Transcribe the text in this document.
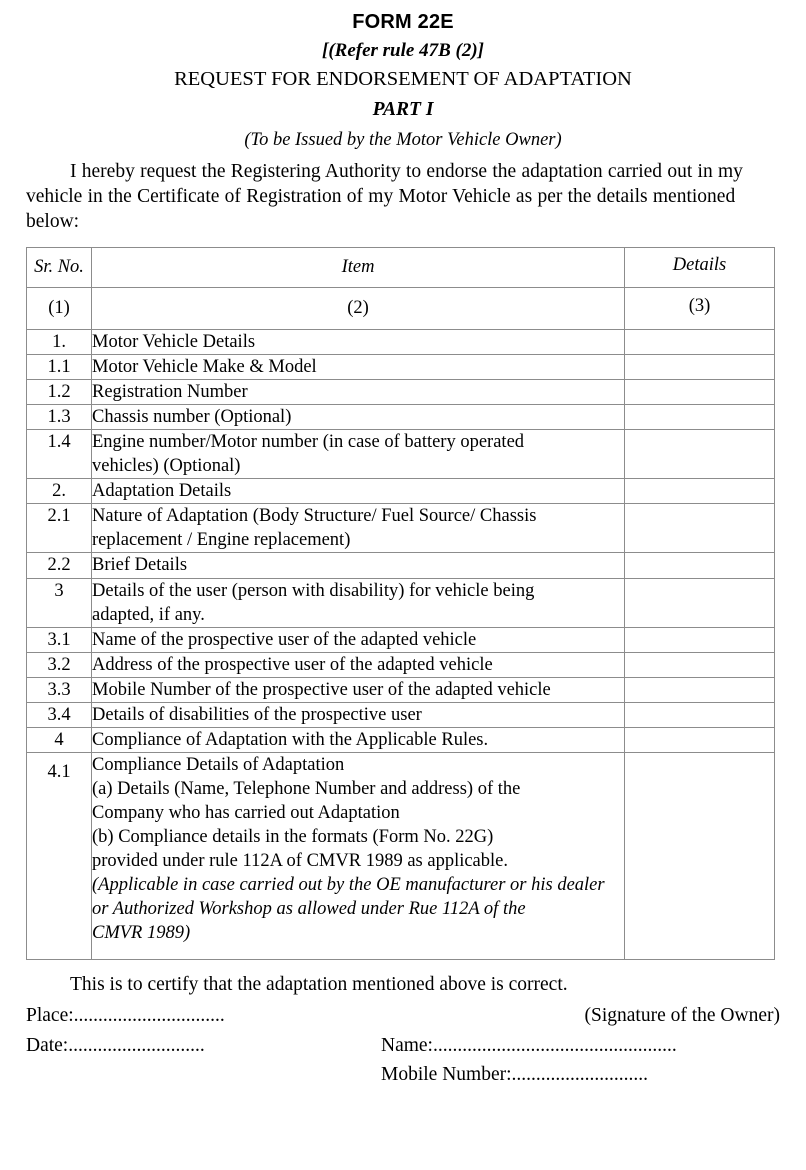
FORM 22E
[(Refer rule 47B (2)]
REQUEST FOR ENDORSEMENT OF ADAPTATION
PART I
(To be Issued by the Motor Vehicle Owner)

I hereby request the Registering Authority to endorse the adaptation carried out in my vehicle in the Certificate of Registration of my Motor Vehicle as per the details mentioned below:

Sr. No.	Item	Details
(1)	(2)	(3)
1.	Motor Vehicle Details	

1.1	Motor Vehicle Make & Model	

1.2	Registration Number	

1.3	Chassis number (Optional)	

1.4	Engine number/Motor number (in case of battery operated
vehicles) (Optional)	

2.	Adaptation Details	

2.1	Nature of Adaptation (Body Structure/ Fuel Source/ Chassis
replacement / Engine replacement)	

2.2	Brief Details	

3	Details of the user (person with disability) for vehicle being
adapted, if any.	

3.1	Name of the prospective user of the adapted vehicle	

3.2	Address of the prospective user of the adapted vehicle	

3.3	Mobile Number of the prospective user of the adapted vehicle	

3.4	Details of disabilities of the prospective user	

4	Compliance of Adaptation with the Applicable Rules.	

4.1	Compliance Details of Adaptation
(a) Details (Name, Telephone Number and address) of the
Company who has carried out Adaptation
(b) Compliance details in the formats (Form No. 22G)
provided under rule 112A of CMVR 1989 as applicable.
(Applicable in case carried out by the OE manufacturer or his dealer
or Authorized Workshop as allowed under Rue 112A of the
CMVR 1989)

This is to certify that the adaptation mentioned above is correct.

Place:...............................	(Signature of the Owner)
Date:............................	Name:..................................................
Mobile Number:............................
